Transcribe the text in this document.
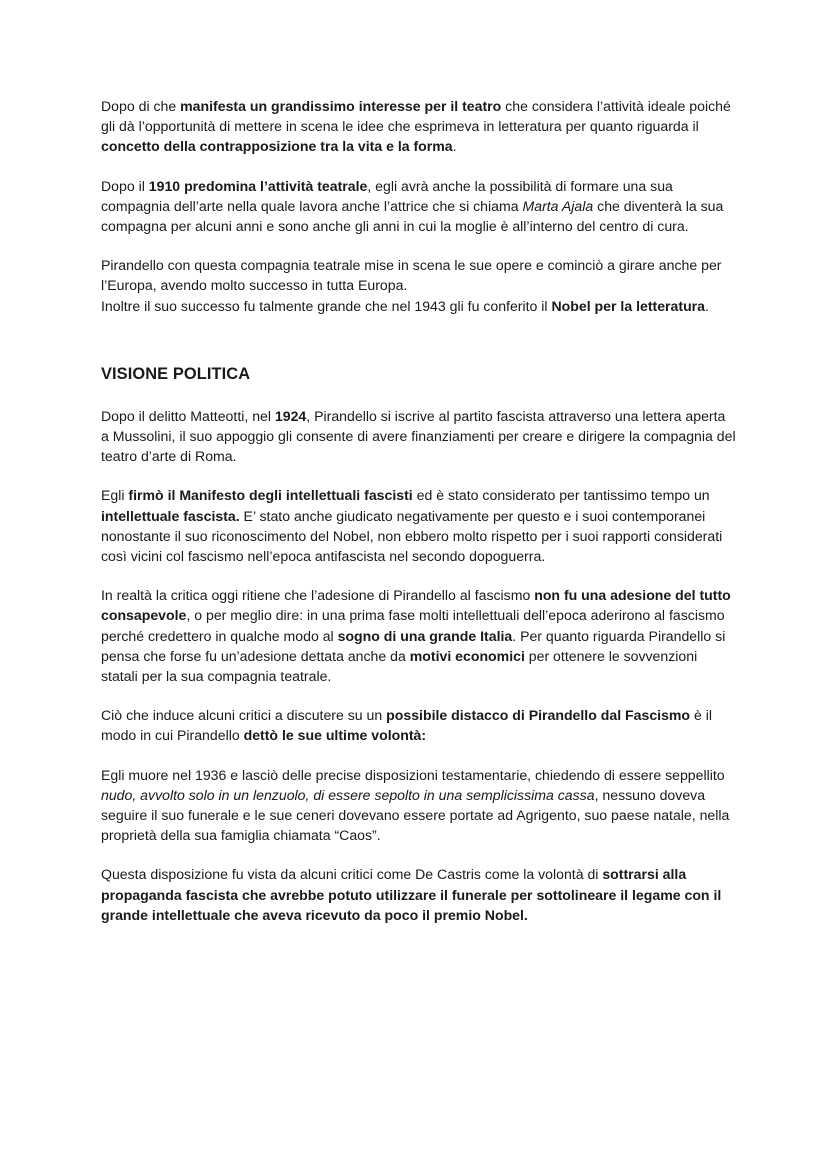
Dopo di che manifesta un grandissimo interesse per il teatro che considera l’attività ideale poiché gli dà l’opportunità di mettere in scena le idee che esprimeva in letteratura per quanto riguarda il concetto della contrapposizione tra la vita e la forma.

Dopo il 1910 predomina l’attività teatrale, egli avrà anche la possibilità di formare una sua compagnia dell’arte nella quale lavora anche l’attrice che si chiama Marta Ajala che diventerà la sua compagna per alcuni anni e sono anche gli anni in cui la moglie è all’interno del centro di cura.

Pirandello con questa compagnia teatrale mise in scena le sue opere e cominciò a girare anche per l’Europa, avendo molto successo in tutta Europa.

Inoltre il suo successo fu talmente grande che nel 1943 gli fu conferito il Nobel per la letteratura.

VISIONE POLITICA

Dopo il delitto Matteotti, nel 1924, Pirandello si iscrive al partito fascista attraverso una lettera aperta a Mussolini, il suo appoggio gli consente di avere finanziamenti per creare e dirigere la compagnia del teatro d’arte di Roma.

Egli firmò il Manifesto degli intellettuali fascisti ed è stato considerato per tantissimo tempo un intellettuale fascista. E’ stato anche giudicato negativamente per questo e i suoi contemporanei nonostante il suo riconoscimento del Nobel, non ebbero molto rispetto per i suoi rapporti considerati così vicini col fascismo nell’epoca antifascista nel secondo dopoguerra.

In realtà la critica oggi ritiene che l’adesione di Pirandello al fascismo non fu una adesione del tutto consapevole, o per meglio dire: in una prima fase molti intellettuali dell’epoca aderirono al fascismo perché credettero in qualche modo al sogno di una grande Italia. Per quanto riguarda Pirandello si pensa che forse fu un’adesione dettata anche da motivi economici per ottenere le sovvenzioni statali per la sua compagnia teatrale.

Ciò che induce alcuni critici a discutere su un possibile distacco di Pirandello dal Fascismo è il modo in cui Pirandello dettò le sue ultime volontà:

Egli muore nel 1936 e lasciò delle precise disposizioni testamentarie, chiedendo di essere seppellito nudo, avvolto solo in un lenzuolo, di essere sepolto in una semplicissima cassa, nessuno doveva seguire il suo funerale e le sue ceneri dovevano essere portate ad Agrigento, suo paese natale, nella proprietà della sua famiglia chiamata “Caos”.

Questa disposizione fu vista da alcuni critici come De Castris come la volontà di sottrarsi alla propaganda fascista che avrebbe potuto utilizzare il funerale per sottolineare il legame con il grande intellettuale che aveva ricevuto da poco il premio Nobel.
